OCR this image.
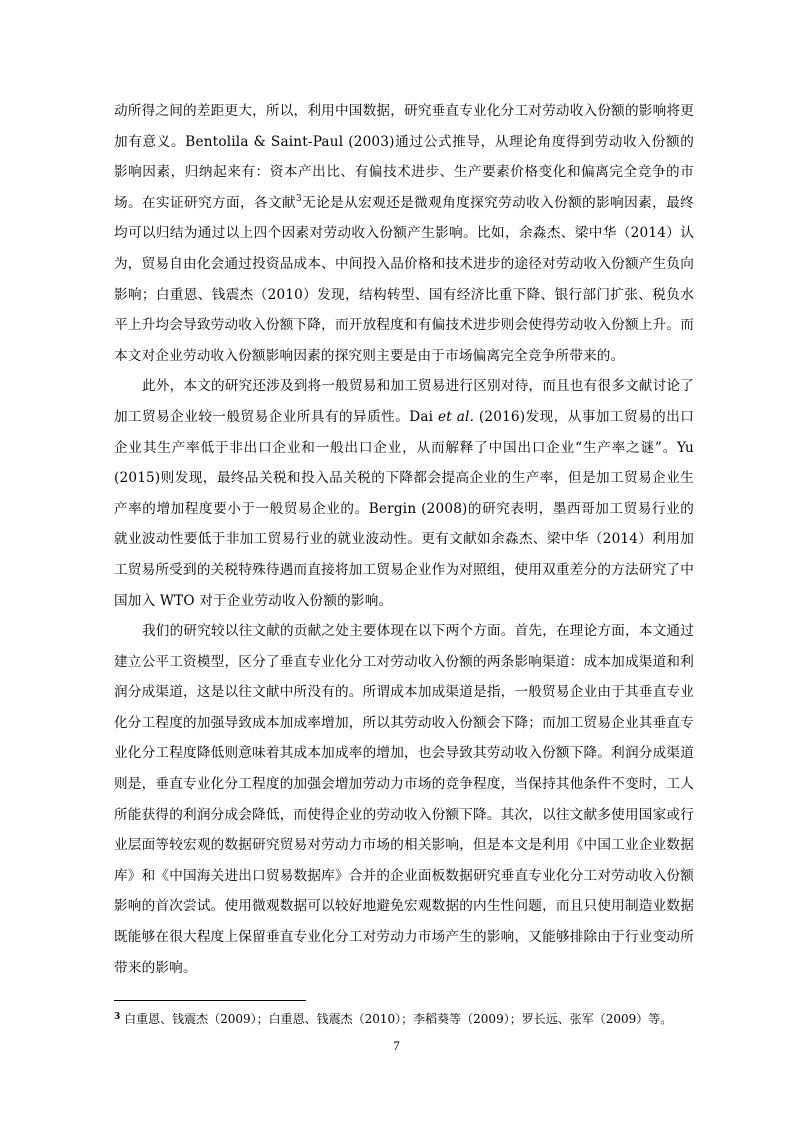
动所得之间的差距更大，所以，利用中国数据，研究垂直专业化分工对劳动收入份额的影响将更加有意义。Bentolila & Saint-Paul (2003)通过公式推导，从理论角度得到劳动收入份额的影响因素，归纳起来有：资本产出比、有偏技术进步、生产要素价格变化和偏离完全竞争的市场。在实证研究方面，各文献$^3$无论是从宏观还是微观角度探究劳动收入份额的影响因素，最终均可以归结为通过以上四个因素对劳动收入份额产生影响。比如，余淼杰、梁中华（2014）认为，贸易自由化会通过投资品成本、中间投入品价格和技术进步的途径对劳动收入份额产生负向影响；白重恩、钱震杰（2010）发现，结构转型、国有经济比重下降、银行部门扩张、税负水平上升均会导致劳动收入份额下降，而开放程度和有偏技术进步则会使得劳动收入份额上升。而本文对企业劳动收入份额影响因素的探究则主要是由于市场偏离完全竞争所带来的。

此外，本文的研究还涉及到将一般贸易和加工贸易进行区别对待，而且也有很多文献讨论了加工贸易企业较一般贸易企业所具有的异质性。Dai et al. (2016)发现，从事加工贸易的出口企业其生产率低于非出口企业和一般出口企业，从而解释了中国出口企业“生产率之谜”。Yu (2015)则发现，最终品关税和投入品关税的下降都会提高企业的生产率，但是加工贸易企业生产率的增加程度要小于一般贸易企业的。Bergin (2008)的研究表明，墨西哥加工贸易行业的就业波动性要低于非加工贸易行业的就业波动性。更有文献如余淼杰、梁中华（2014）利用加工贸易所受到的关税特殊待遇而直接将加工贸易企业作为对照组，使用双重差分的方法研究了中国加入 WTO 对于企业劳动收入份额的影响。

我们的研究较以往文献的贡献之处主要体现在以下两个方面。首先，在理论方面，本文通过建立公平工资模型，区分了垂直专业化分工对劳动收入份额的两条影响渠道：成本加成渠道和利润分成渠道，这是以往文献中所没有的。所谓成本加成渠道是指，一般贸易企业由于其垂直专业化分工程度的加强导致成本加成率增加，所以其劳动收入份额会下降；而加工贸易企业其垂直专业化分工程度降低则意味着其成本加成率的增加，也会导致其劳动收入份额下降。利润分成渠道则是，垂直专业化分工程度的加强会增加劳动力市场的竞争程度，当保持其他条件不变时，工人所能获得的利润分成会降低，而使得企业的劳动收入份额下降。其次，以往文献多使用国家或行业层面等较宏观的数据研究贸易对劳动力市场的相关影响，但是本文是利用《中国工业企业数据库》和《中国海关进出口贸易数据库》合并的企业面板数据研究垂直专业化分工对劳动收入份额影响的首次尝试。使用微观数据可以较好地避免宏观数据的内生性问题，而且只使用制造业数据既能够在很大程度上保留垂直专业化分工对劳动力市场产生的影响，又能够排除由于行业变动所带来的影响。

$^3$ 白重恩、钱震杰（2009）；白重恩、钱震杰（2010）；李稻葵等（2009）；罗长远、张军（2009）等。
7
